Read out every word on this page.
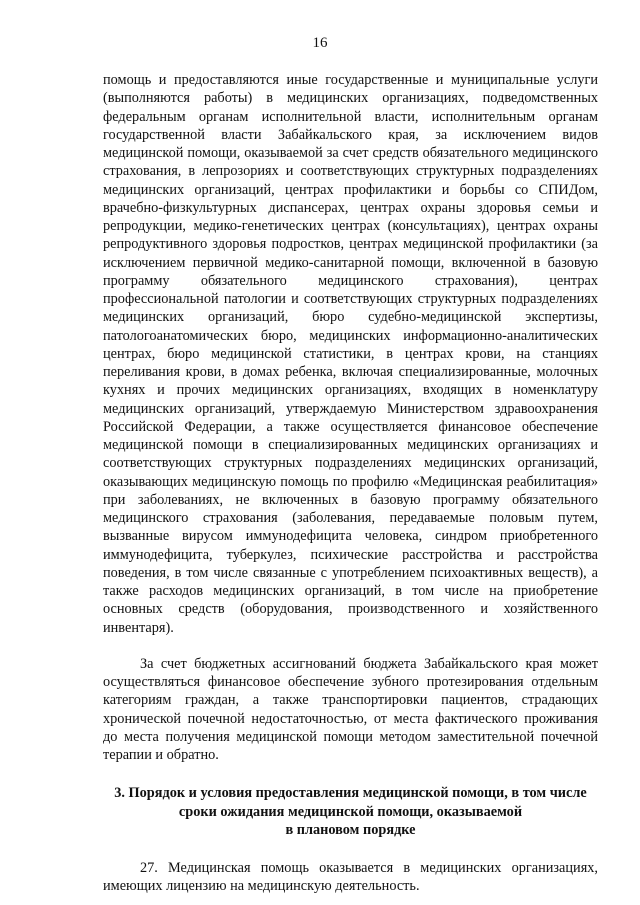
16

помощь и предоставляются иные государственные и муниципальные услуги (выполняются работы) в медицинских организациях, подведомственных федеральным органам исполнительной власти, исполнительным органам государственной власти Забайкальского края, за исключением видов медицинской помощи, оказываемой за счет средств обязательного медицинского страхования, в лепрозориях и соответствующих структурных подразделениях медицинских организаций, центрах профилактики и борьбы со СПИДом, врачебно-физкультурных диспансерах, центрах охраны здоровья семьи и репродукции, медико-генетических центрах (консультациях), центрах охраны репродуктивного здоровья подростков, центрах медицинской профилактики (за исключением первичной медико-санитарной помощи, включенной в базовую программу обязательного медицинского страхования), центрах профессиональной патологии и соответствующих структурных подразделениях медицинских организаций, бюро судебно-медицинской экспертизы, патологоанатомических бюро, медицинских информационно-аналитических центрах, бюро медицинской статистики, в центрах крови, на станциях переливания крови, в домах ребенка, включая специализированные, молочных кухнях и прочих медицинских организациях, входящих в номенклатуру медицинских организаций, утверждаемую Министерством здравоохранения Российской Федерации, а также осуществляется финансовое обеспечение медицинской помощи в специализированных медицинских организациях и соответствующих структурных подразделениях медицинских организаций, оказывающих медицинскую помощь по профилю «Медицинская реабилитация» при заболеваниях, не включенных в базовую программу обязательного медицинского страхования (заболевания, передаваемые половым путем, вызванные вирусом иммунодефицита человека, синдром приобретенного иммунодефицита, туберкулез, психические расстройства и расстройства поведения, в том числе связанные с употреблением психоактивных веществ), а также расходов медицинских организаций, в том числе на приобретение основных средств (оборудования, производственного и хозяйственного инвентаря).

За счет бюджетных ассигнований бюджета Забайкальского края может осуществляться финансовое обеспечение зубного протезирования отдельным категориям граждан, а также транспортировки пациентов, страдающих хронической почечной недостаточностью, от места фактического проживания до места получения медицинской помощи методом заместительной почечной терапии и обратно.

3. Порядок и условия предоставления медицинской помощи, в том числе
сроки ожидания медицинской помощи, оказываемой
в плановом порядке

27. Медицинская помощь оказывается в медицинских организациях, имеющих лицензию на медицинскую деятельность.
